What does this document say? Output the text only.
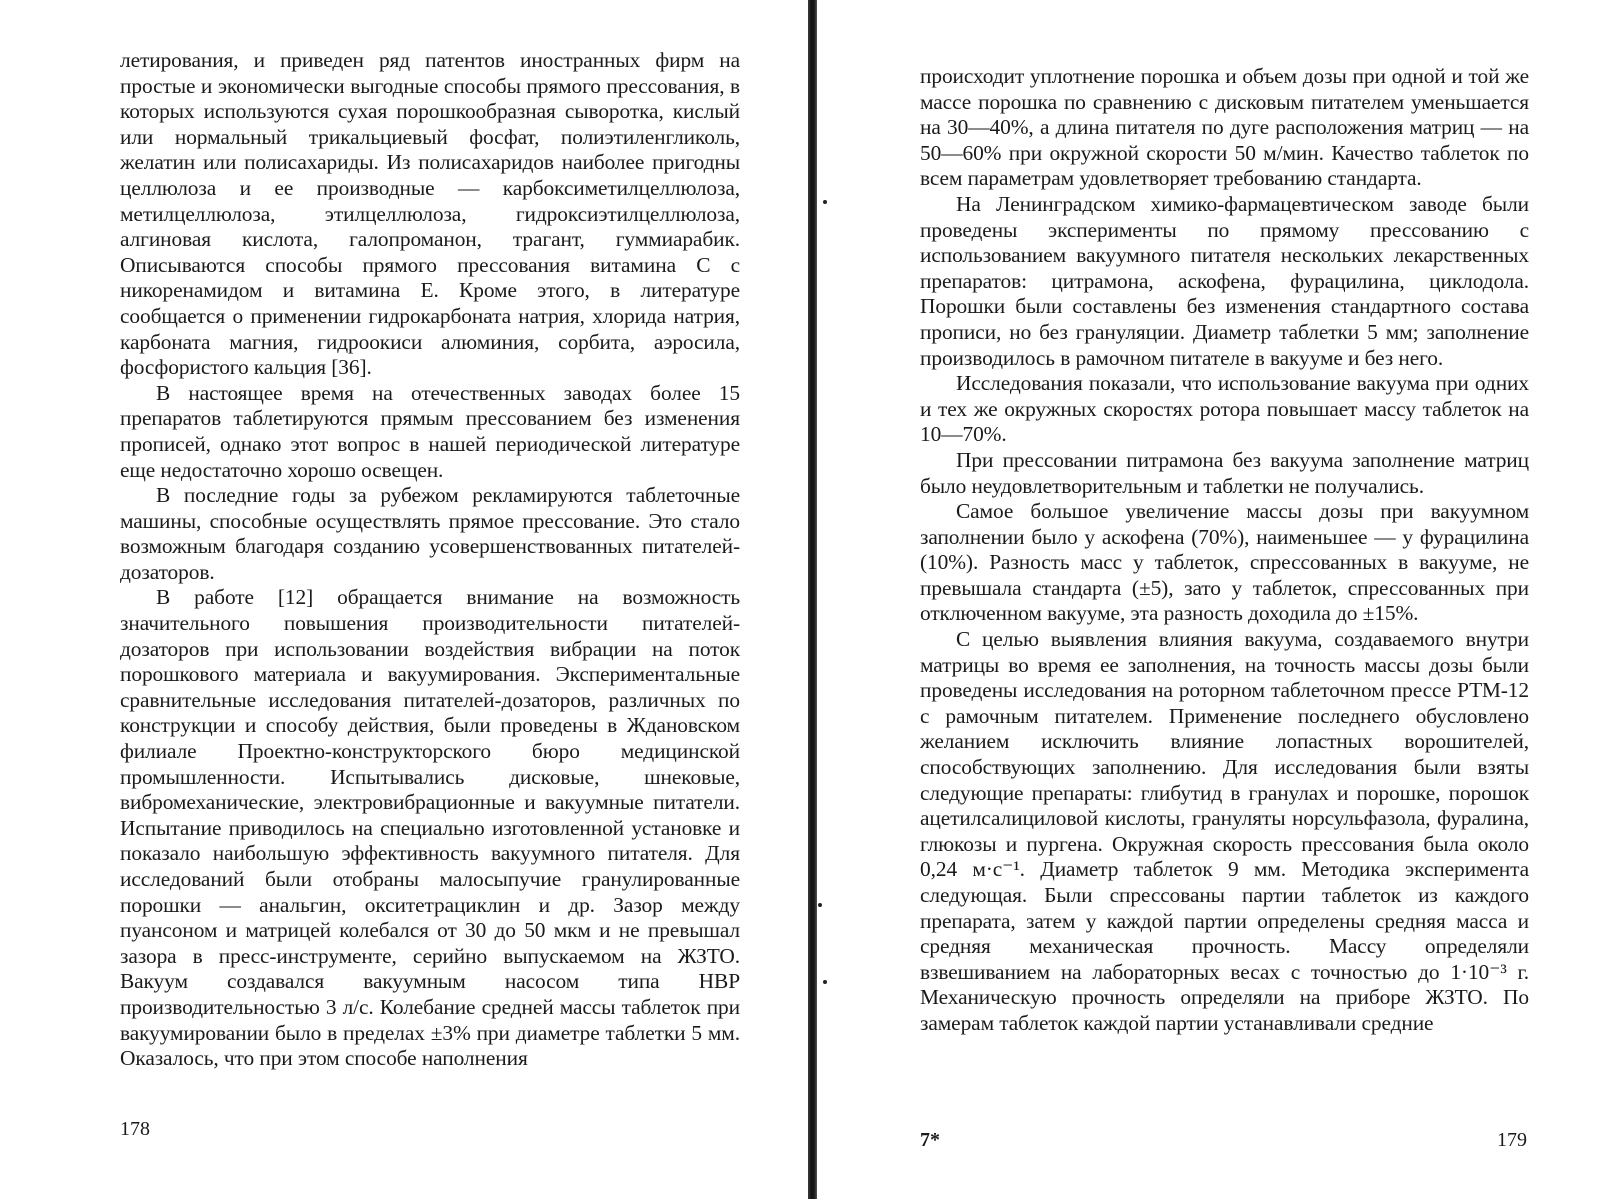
летирования, и приведен ряд патентов иностранных фирм на простые и экономически выгодные способы прямого прессования, в которых используются сухая порошкообразная сыворотка, кислый или нормальный трикальциевый фосфат, полиэтиленгликоль, желатин или полисахариды. Из полисахаридов наиболее пригодны целлюлоза и ее производные — карбоксиметилцеллюлоза, метилцеллюлоза, этилцеллюлоза, гидроксиэтилцеллюлоза, алгиновая кислота, галопроманон, трагант, гуммиарабик. Описываются способы прямого прессования витамина С с никоренамидом и витамина Е. Кроме этого, в литературе сообщается о применении гидрокарбоната натрия, хлорида натрия, карбоната магния, гидроокиси алюминия, сорбита, аэросила, фосфористого кальция [36].

В настоящее время на отечественных заводах более 15 препаратов таблетируются прямым прессованием без изменения прописей, однако этот вопрос в нашей периодической литературе еще недостаточно хорошо освещен.

В последние годы за рубежом рекламируются таблеточные машины, способные осуществлять прямое прессование. Это стало возможным благодаря созданию усовершенствованных питателей-дозаторов.

В работе [12] обращается внимание на возможность значительного повышения производительности питателей-дозаторов при использовании воздействия вибрации на поток порошкового материала и вакуумирования. Экспериментальные сравнительные исследования питателей-дозаторов, различных по конструкции и способу действия, были проведены в Ждановском филиале Проектно-конструкторского бюро медицинской промышленности. Испытывались дисковые, шнековые, вибромеханические, электровибрационные и вакуумные питатели. Испытание приводилось на специально изготовленной установке и показало наибольшую эффективность вакуумного питателя. Для исследований были отобраны малосыпучие гранулированные порошки — анальгин, окситетрациклин и др. Зазор между пуансоном и матрицей колебался от 30 до 50 мкм и не превышал зазора в пресс-инструменте, серийно выпускаемом на ЖЗТО. Вакуум создавался вакуумным насосом типа НВР производительностью 3 л/с. Колебание средней массы таблеток при вакуумировании было в пределах ±3% при диаметре таблетки 5 мм. Оказалось, что при этом способе наполнения

178

происходит уплотнение порошка и объем дозы при одной и той же массе порошка по сравнению с дисковым питателем уменьшается на 30—40%, а длина питателя по дуге расположения матриц — на 50—60% при окружной скорости 50 м/мин. Качество таблеток по всем параметрам удовлетворяет требованию стандарта.

На Ленинградском химико-фармацевтическом заводе были проведены эксперименты по прямому прессованию с использованием вакуумного питателя нескольких лекарственных препаратов: цитрамона, аскофена, фурацилина, циклодола. Порошки были составлены без изменения стандартного состава прописи, но без грануляции. Диаметр таблетки 5 мм; заполнение производилось в рамочном питателе в вакууме и без него.

Исследования показали, что использование вакуума при одних и тех же окружных скоростях ротора повышает массу таблеток на 10—70%.

При прессовании питрамона без вакуума заполнение матриц было неудовлетворительным и таблетки не получались.

Самое большое увеличение массы дозы при вакуумном заполнении было у аскофена (70%), наименьшее — у фурацилина (10%). Разность масс у таблеток, спрессованных в вакууме, не превышала стандарта (±5), зато у таблеток, спрессованных при отключенном вакууме, эта разность доходила до ±15%.

С целью выявления влияния вакуума, создаваемого внутри матрицы во время ее заполнения, на точность массы дозы были проведены исследования на роторном таблеточном прессе РТМ-12 с рамочным питателем. Применение последнего обусловлено желанием исключить влияние лопастных ворошителей, способствующих заполнению. Для исследования были взяты следующие препараты: глибутид в гранулах и порошке, порошок ацетилсалициловой кислоты, грануляты норсульфазола, фуралина, глюкозы и пургена. Окружная скорость прессования была около 0,24 м·с⁻¹. Диаметр таблеток 9 мм. Методика эксперимента следующая. Были спрессованы партии таблеток из каждого препарата, затем у каждой партии определены средняя масса и средняя механическая прочность. Массу определяли взвешиванием на лабораторных весах с точностью до 1·10⁻³ г. Механическую прочность определяли на приборе ЖЗТО. По замерам таблеток каждой партии устанавливали средние

7*	179
